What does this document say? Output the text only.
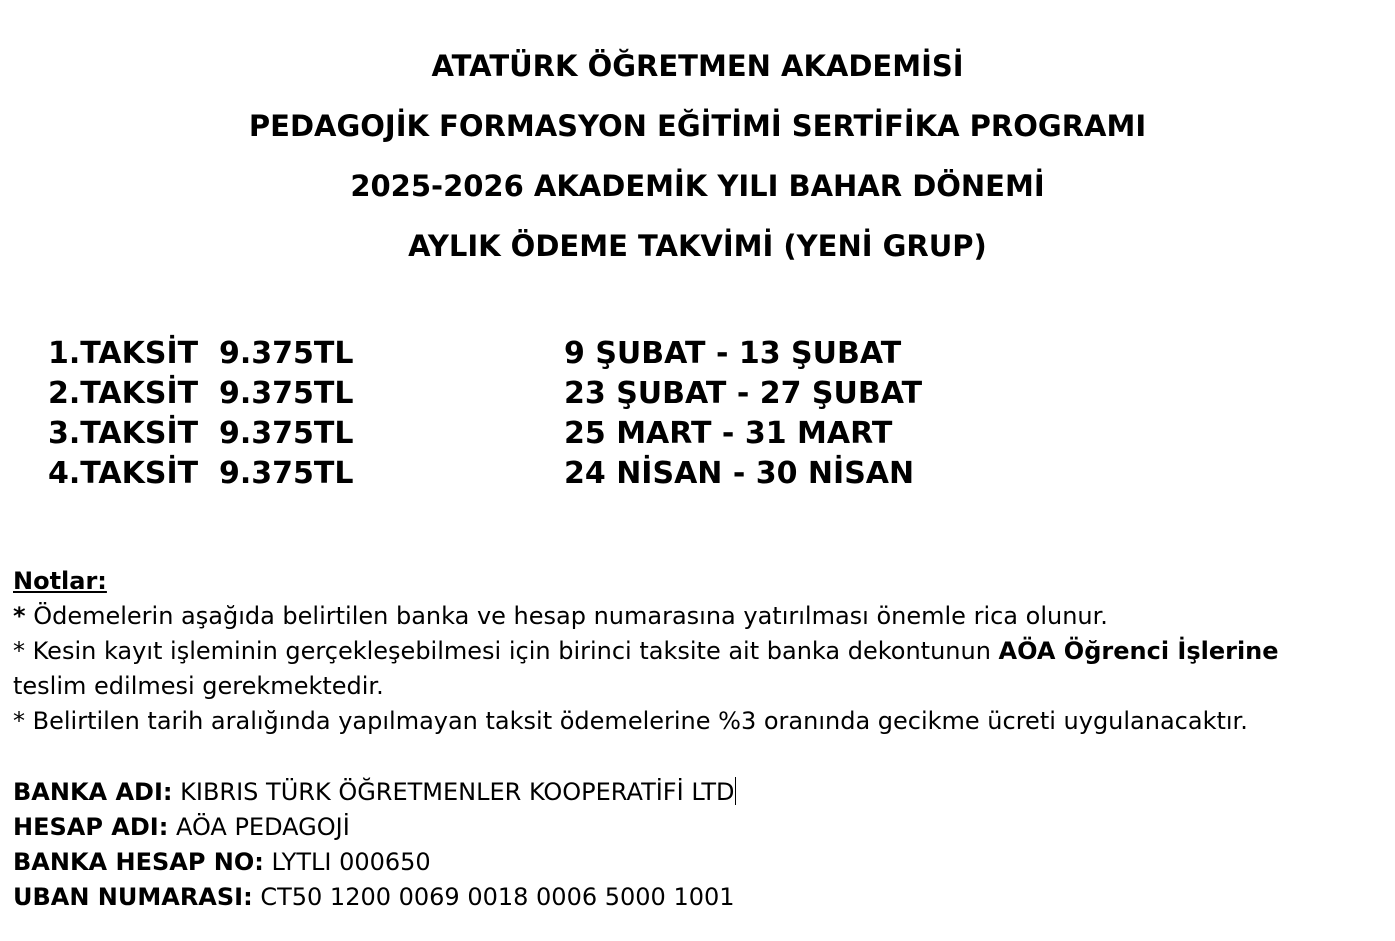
ATATÜRK ÖĞRETMEN AKADEMİSİ
PEDAGOJİK FORMASYON EĞİTİMİ SERTİFİKA PROGRAMI
2025-2026 AKADEMİK YILI BAHAR DÖNEMİ
AYLIK ÖDEME TAKVİMİ (YENİ GRUP)
1.TAKSİT 9.375TL	9 ŞUBAT - 13 ŞUBAT
2.TAKSİT 9.375TL	23 ŞUBAT - 27 ŞUBAT
3.TAKSİT 9.375TL	25 MART - 31 MART
4.TAKSİT 9.375TL	24 NİSAN - 30 NİSAN
Notlar:
* Ödemelerin aşağıda belirtilen banka ve hesap numarasına yatırılması önemle rica olunur.
* Kesin kayıt işleminin gerçekleşebilmesi için birinci taksite ait banka dekontunun AÖA Öğrenci İşlerine
teslim edilmesi gerekmektedir.
* Belirtilen tarih aralığında yapılmayan taksit ödemelerine %3 oranında gecikme ücreti uygulanacaktır.
BANKA ADI: KIBRIS TÜRK ÖĞRETMENLER KOOPERATİFİ LTD
HESAP ADI: AÖA PEDAGOJİ
BANKA HESAP NO: LYTLI 000650
UBAN NUMARASI: CT50 1200 0069 0018 0006 5000 1001
